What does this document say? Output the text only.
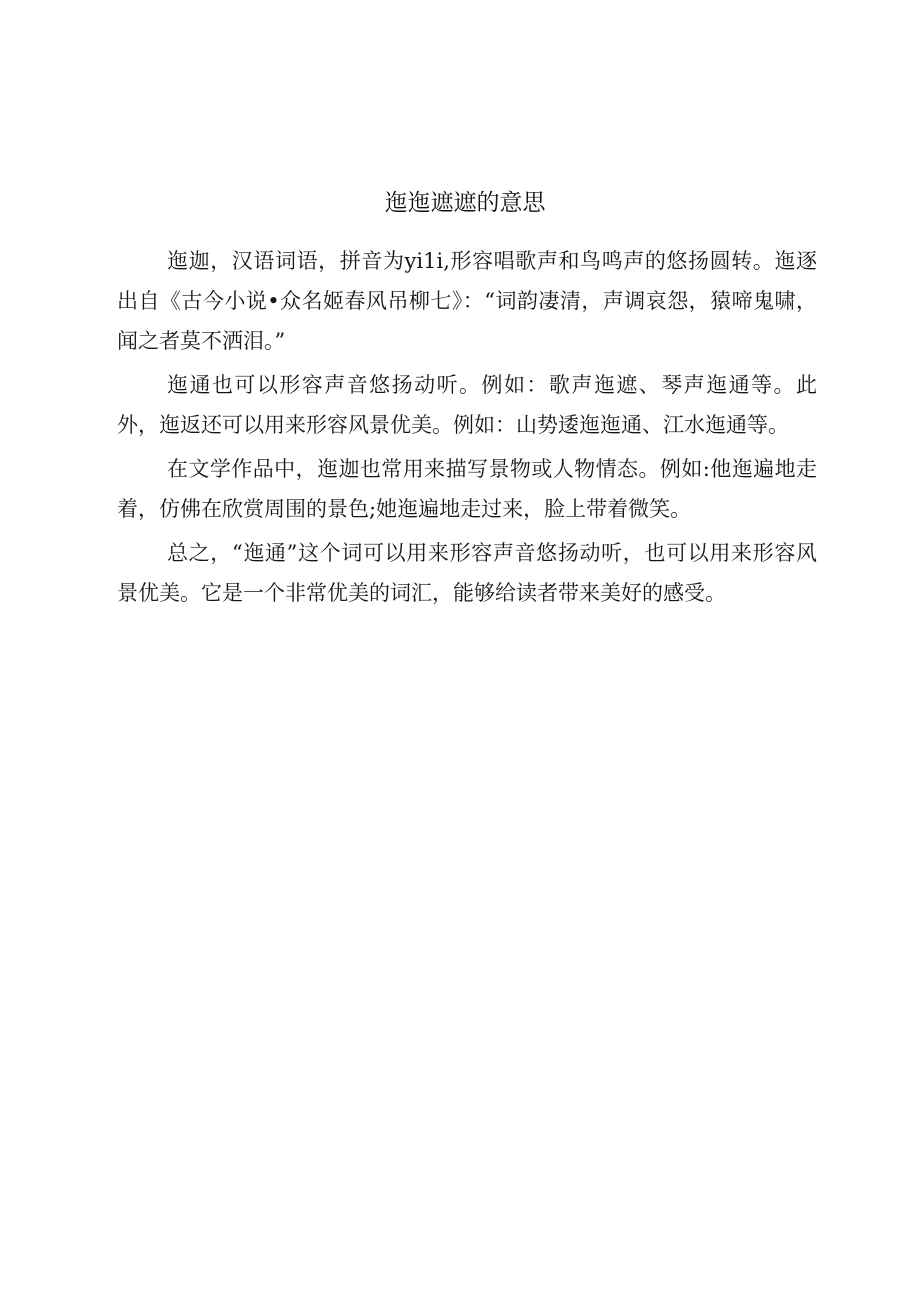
迤迤遮遮的意思

迤迦，汉语词语，拼音为yi1i,形容唱歌声和鸟鸣声的悠扬圆转。迤逐出自《古今小说•众名姬春风吊柳七》：“词韵凄清，声调哀怨，猿啼鬼啸，闻之者莫不洒泪。”

迤通也可以形容声音悠扬动听。例如：歌声迤遮、琴声迤通等。此外，迤返还可以用来形容风景优美。例如：山势逶迤迤通、江水迤通等。

在文学作品中，迤迦也常用来描写景物或人物情态。例如:他迤遍地走着，仿佛在欣赏周围的景色;她迤遍地走过来，脸上带着微笑。

总之，“迤通”这个词可以用来形容声音悠扬动听，也可以用来形容风景优美。它是一个非常优美的词汇，能够给读者带来美好的感受。
